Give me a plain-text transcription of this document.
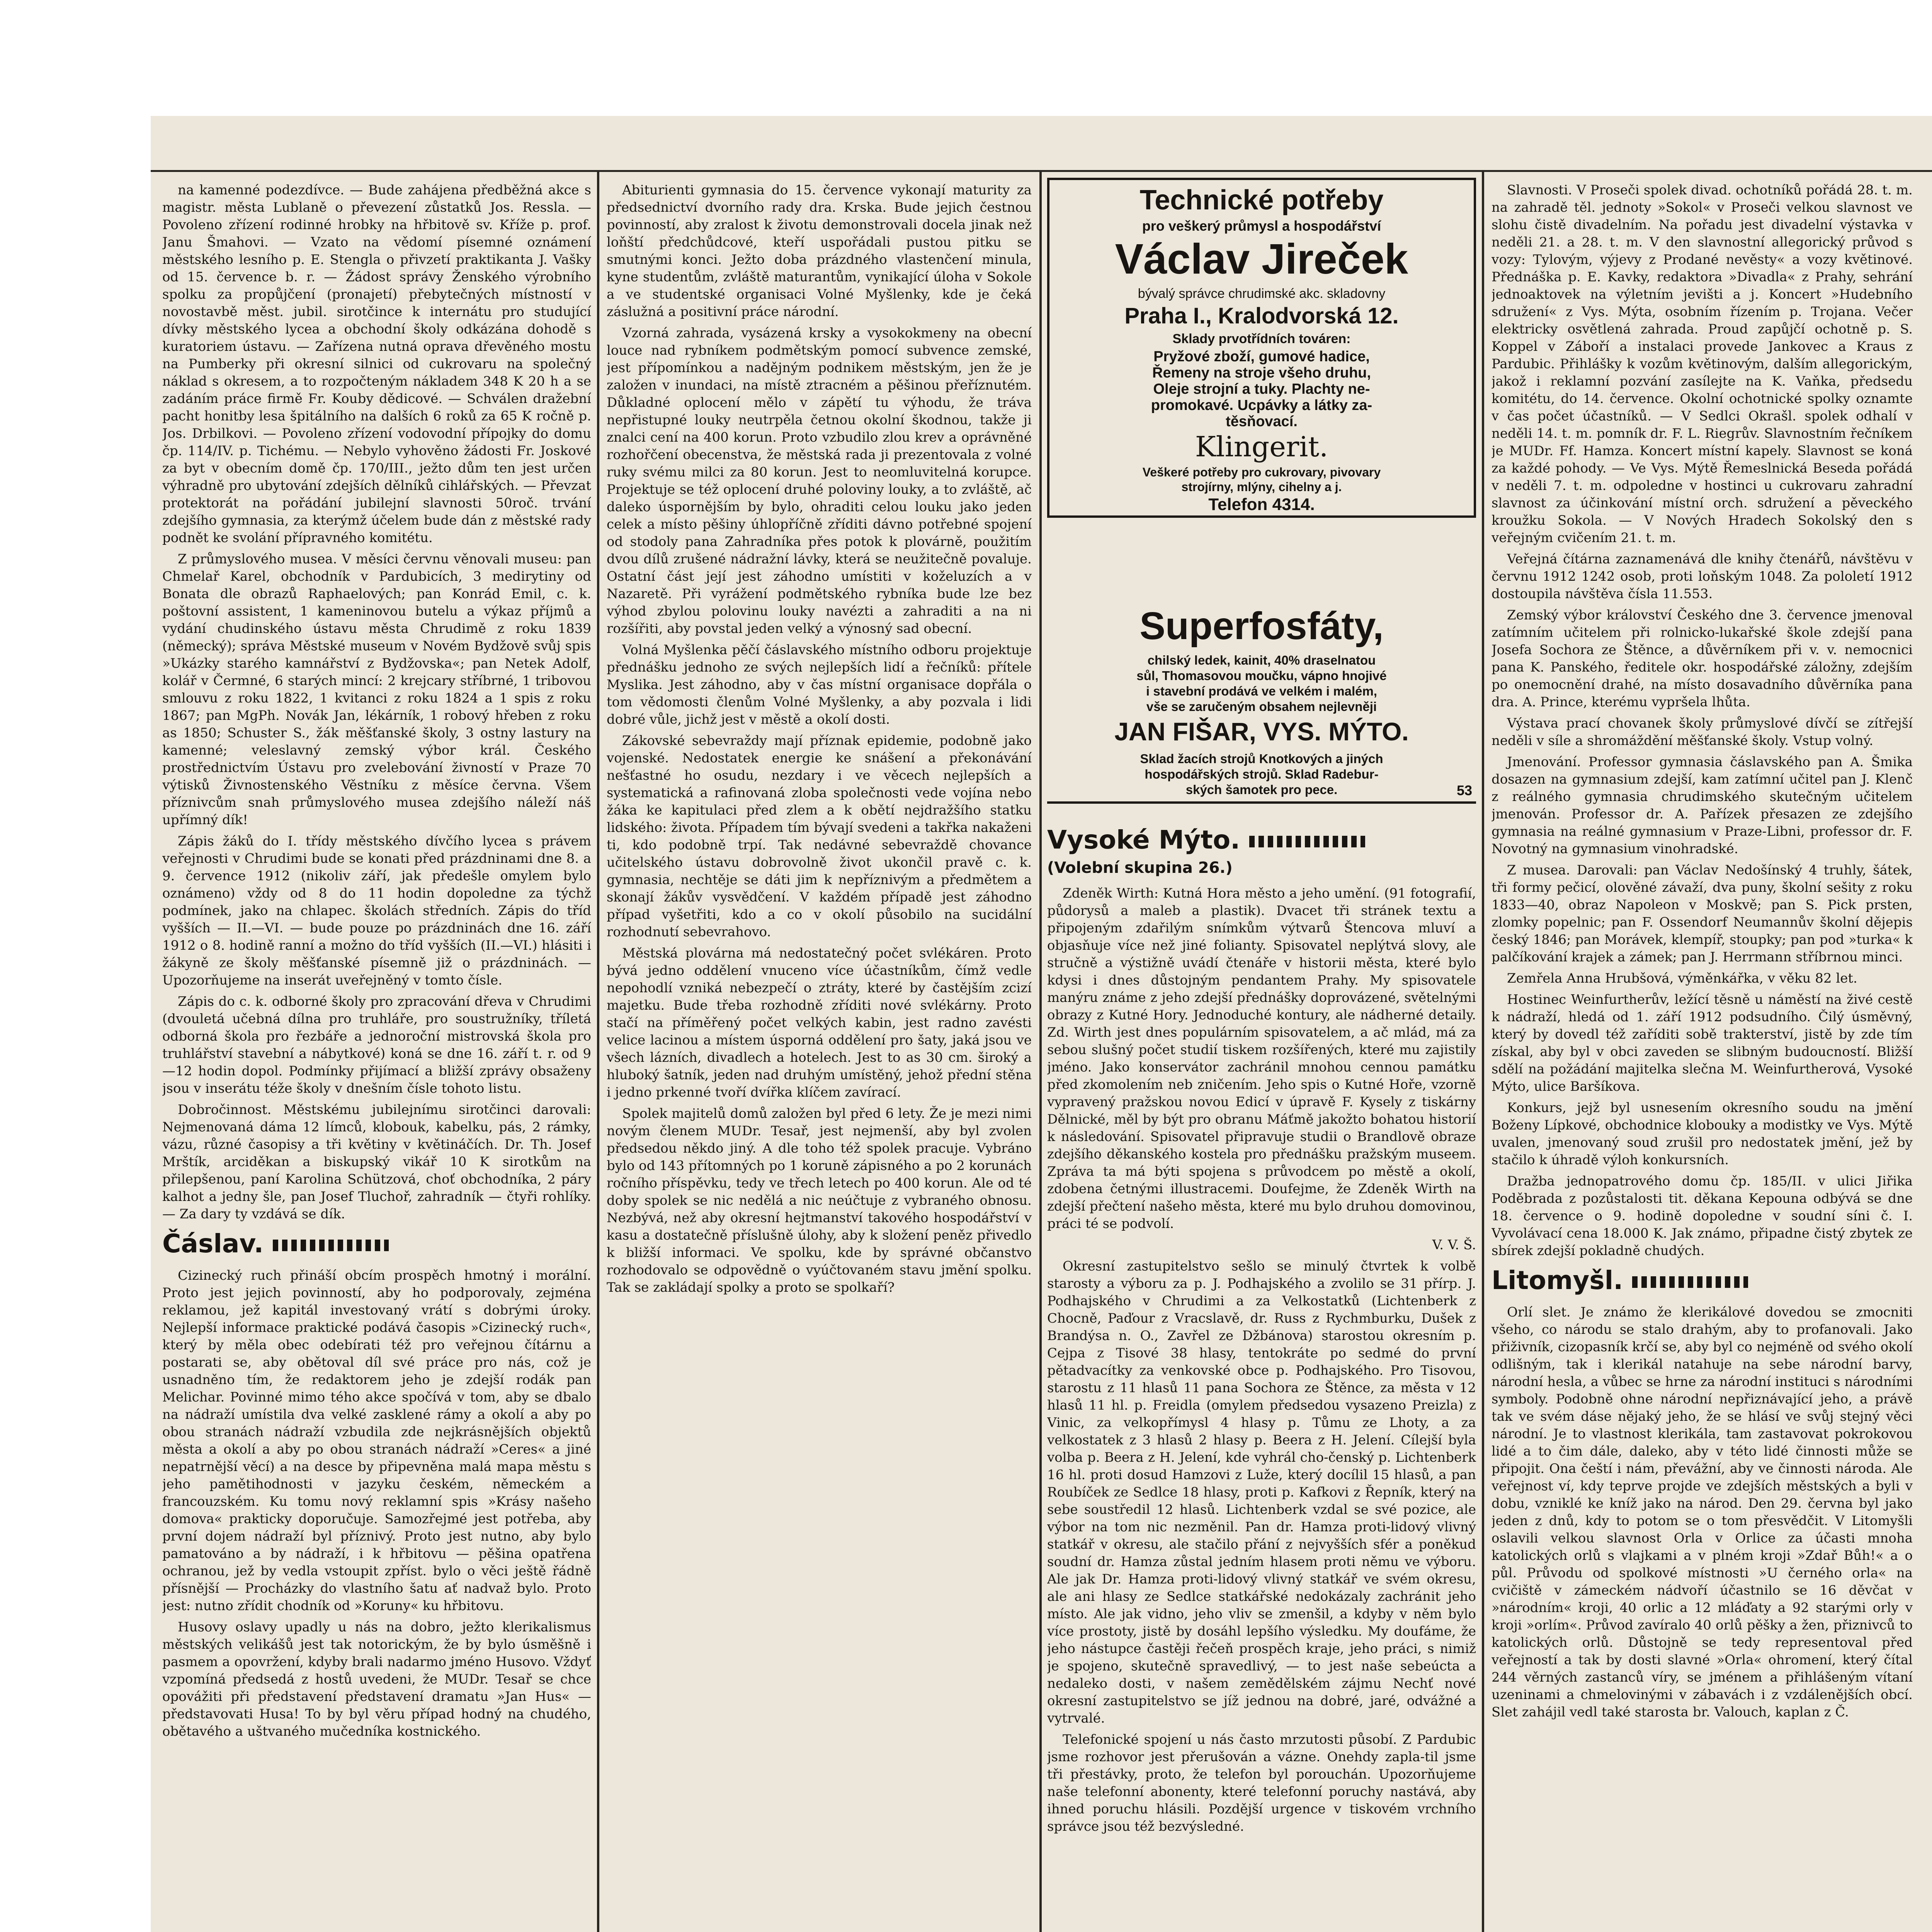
na kamenné podezdívce. — Bude zahájena předběžná akce s magistr. města Lublaně o převezení zůstatků Jos. Ressla. — Povoleno zřízení rodinné hrobky na hřbitově sv. Kříže p. prof. Janu Šmahovi. — Vzato na vědomí písemné oznámení městského lesního p. E. Stengla o přivzetí praktikanta J. Vašky od 15. července b. r. — Žádost správy Ženského výrobního spolku za propůjčení (pronajetí) přebytečných místností v novostavbě měst. jubil. sirotčince k internátu pro studující dívky městského lycea a obchodní školy odkázána dohodě s kuratoriem ústavu. — Zařízena nutná oprava dřevěného mostu na Pumberky při okresní silnici od cukrovaru na společný náklad s okresem, a to rozpočteným nákladem 348 K 20 h a se zadáním práce firmě Fr. Kouby dědicové. — Schválen dražební pacht honitby lesa špitálního na dalších 6 roků za 65 K ročně p. Jos. Drbilkovi. — Povoleno zřízení vodovodní přípojky do domu čp. 114/IV. p. Tichému. — Nebylo vyhověno žádosti Fr. Joskové za byt v obecním domě čp. 170/III., ježto dům ten jest určen výhradně pro ubytování zdejších dělníků cihlářských. — Převzat protektorát na pořádání jubilejní slavnosti 50roč. trvání zdejšího gymnasia, za kterýmž účelem bude dán z městské rady podnět ke svolání přípravného komitétu.

Z průmyslového musea. V měsíci červnu věnovali museu: pan Chmelař Karel, obchodník v Pardubicích, 3 medirytiny od Bonata dle obrazů Raphaelových; pan Konrád Emil, c. k. poštovní assistent, 1 kameninovou butelu a výkaz příjmů a vydání chudinského ústavu města Chrudimě z roku 1839 (německý); správa Městské museum v Novém Bydžově svůj spis »Ukázky starého kamnářství z Bydžovska«; pan Netek Adolf, kolář v Čermné, 6 starých mincí: 2 krejcary stříbrné, 1 tribovou smlouvu z roku 1822, 1 kvitanci z roku 1824 a 1 spis z roku 1867; pan MgPh. Novák Jan, lékárník, 1 robový hřeben z roku as 1850; Schuster S., žák měšťanské školy, 3 ostny lastury na kamenné; veleslavný zemský výbor král. Českého prostřednictvím Ústavu pro zvelebování živností v Praze 70 výtisků Živnostenského Věstníku z měsíce června. Všem příznivcům snah průmyslového musea zdejšího náleží náš upřímný dík!

Zápis žáků do I. třídy městského dívčího lycea s právem veřejnosti v Chrudimi bude se konati před prázdninami dne 8. a 9. července 1912 (nikoliv září, jak předešle omylem bylo oznámeno) vždy od 8 do 11 hodin dopoledne za týchž podmínek, jako na chlapec. školách středních. Zápis do tříd vyšších — II.—VI. — bude pouze po prázdninách dne 16. září 1912 o 8. hodině ranní a možno do tříd vyšších (II.—VI.) hlásiti i žákyně ze školy měšťanské písemně již o prázdninách. — Upozorňujeme na inserát uveřejněný v tomto čísle.

Zápis do c. k. odborné školy pro zpracování dřeva v Chrudimi (dvouletá učebná dílna pro truhláře, pro soustružníky, tříletá odborná škola pro řezbáře a jednoroční mistrovská škola pro truhlářství stavební a nábytkové) koná se dne 16. září t. r. od 9—12 hodin dopol. Podmínky přijímací a bližší zprávy obsaženy jsou v inserátu téže školy v dnešním čísle tohoto listu.

Dobročinnost. Městskému jubilejnímu sirotčinci darovali: Nejmenovaná dáma 12 límců, klobouk, kabelku, pás, 2 rámky, vázu, různé časopisy a tři květiny v květináčích. Dr. Th. Josef Mrštík, arciděkan a biskupský vikář 10 K sirotkům na přilepšenou, paní Karolina Schützová, choť obchodníka, 2 páry kalhot a jedny šle, pan Josef Tluchoř, zahradník — čtyři rohlíky. — Za dary ty vzdává se dík.

Čáslav.

Cizinecký ruch přináší obcím prospěch hmotný i morální. Proto jest jejich povinností, aby ho podporovaly, zejména reklamou, jež kapitál investovaný vrátí s dobrými úroky. Nejlepší informace praktické podává časopis »Cizinecký ruch«, který by měla obec odebírati též pro veřejnou čítárnu a postarati se, aby obětoval díl své práce pro nás, což je usnadněno tím, že redaktorem jeho je zdejší rodák pan Melichar. Povinné mimo tého akce spočívá v tom, aby se dbalo na nádraží umístila dva velké zasklené rámy a okolí a aby po obou stranách nádraží vzbudila zde nejkrásnějších objektů města a okolí a aby po obou stranách nádraží »Ceres« a jiné nepatrnější věcí) a na desce by připevněna malá mapa městu s jeho pamětihodnosti v jazyku českém, německém a francouzském. Ku tomu nový reklamní spis »Krásy našeho domova« prakticky doporučuje. Samozřejmé jest potřeba, aby první dojem nádraží byl příznivý. Proto jest nutno, aby bylo pamatováno a by nádraží, i k hřbitovu — pěšina opatřena ochranou, jež by vedla vstoupit zpříst. bylo o věci ještě řádně přísnější — Procházky do vlastního šatu ať nadvaž bylo. Proto jest: nutno zřídit chodník od »Koruny« ku hřbitovu.

Husovy oslavy upadly u nás na dobro, ježto klerikalismus městských velikášů jest tak notorickým, že by bylo úsměšně i pasmem a opovržení, kdyby brali nadarmo jméno Husovo. Vždyť vzpomíná předsedá z hostů uvedeni, že MUDr. Tesař se chce opovážiti při představení představení dramatu »Jan Hus« — představovati Husa! To by byl věru případ hodný na chudého, obětavého a uštvaného mučedníka kostnického.

Abiturienti gymnasia do 15. července vykonají maturity za předsednictví dvorního rady dra. Krska. Bude jejich čestnou povinností, aby zralost k životu demonstrovali docela jinak než loňští předchůdcové, kteří uspořádali pustou pitku se smutnými konci. Ježto doba prázdného vlastenčení minula, kyne studentům, zvláště maturantům, vynikající úloha v Sokole a ve studentské organisaci Volné Myšlenky, kde je čeká záslužná a positivní práce národní.

Vzorná zahrada, vysázená krsky a vysokokmeny na obecní louce nad rybníkem podmětským pomocí subvence zemské, jest přípomínkou a nadějným podnikem městským, jen že je založen v inundaci, na místě ztracném a pěšinou přeříznutém. Důkladné oplocení mělo v zápětí tu výhodu, že tráva nepřistupné louky neutrpěla četnou okolní škodnou, takže ji znalci cení na 400 korun. Proto vzbudilo zlou krev a oprávněné rozhořčení obecenstva, že městská rada ji prezentovala z volné ruky svému milci za 80 korun. Jest to neomluvitelná korupce. Projektuje se též oplocení druhé poloviny louky, a to zvláště, ač daleko úspornějším by bylo, ohraditi celou louku jako jeden celek a místo pěšiny úhlopříčně zříditi dávno potřebné spojení od stodoly pana Zahradníka přes potok k plovárně, použitím dvou dílů zrušené nádražní lávky, která se neužitečně povaluje. Ostatní část její jest záhodno umístiti v koželuzích a v Nazaretě. Při vyrážení podmětského rybníka bude lze bez výhod zbylou polovinu louky navézti a zahraditi a na ni rozšířiti, aby povstal jeden velký a výnosný sad obecní.

Volná Myšlenka pěčí čáslavského místního odboru projektuje přednášku jednoho ze svých nejlepších lidí a řečníků: přítele Myslika. Jest záhodno, aby v čas místní organisace dopřála o tom vědomosti členům Volné Myšlenky, a aby pozvala i lidi dobré vůle, jichž jest v městě a okolí dosti.

Zákovské sebevraždy mají příznak epidemie, podobně jako vojenské. Nedostatek energie ke snášení a překonávání nešťastné ho osudu, nezdary i ve věcech nejlepších a systematická a rafinovaná zloba společnosti vede vojína nebo žáka ke kapitulaci před zlem a k obětí nejdražšího statku lidského: života. Případem tím bývají svedeni a takřka nakaženi ti, kdo podobně trpí. Tak nedávné sebevraždě chovance učitelského ústavu dobrovolně život ukončil pravě c. k. gymnasia, nechtěje se dáti jim k nepříznivým a předmětem a skonají žákův vysvědčení. V každém případě jest záhodno případ vyšetřiti, kdo a co v okolí působilo na sucidální rozhodnutí sebevrahovo.

Městská plovárna má nedostatečný počet svlékáren. Proto bývá jedno oddělení vnuceno více účastníkům, čímž vedle nepohodlí vzniká nebezpečí o ztráty, které by častějším zcizí majetku. Bude třeba rozhodně zříditi nové svlékárny. Proto stačí na příměřený počet velkých kabin, jest radno zavésti velice lacinou a místem úsporná oddělení pro šaty, jaká jsou ve všech lázních, divadlech a hotelech. Jest to as 30 cm. široký a hluboký šatník, jeden nad druhým umístěný, jehož přední stěna i jedno prkenné tvoří dvířka klíčem zavírací.

Spolek majitelů domů založen byl před 6 lety. Že je mezi nimi novým členem MUDr. Tesař, jest nejmenší, aby byl zvolen předsedou někdo jiný. A dle toho též spolek pracuje. Vybráno bylo od 143 přítomných po 1 koruně zápisného a po 2 korunách ročního příspěvku, tedy ve třech letech po 400 korun. Ale od té doby spolek se nic nedělá a nic neúčtuje z vybraného obnosu. Nezbývá, než aby okresní hejtmanství takového hospodářství v kasu a dostatečně příslušně úlohy, aby k složení peněz přivedlo k bližší informaci. Ve spolku, kde by správné občanstvo rozhodovalo se odpovědně o vyúčtovaném stavu jmění spolku. Tak se zakládají spolky a proto se spolkaří?

Technické potřeby
pro veškerý průmysl a hospodářství
Václav Jireček
bývalý správce chrudimské akc. skladovny
Praha I., Kralodvorská 12.
Sklady prvotřídních továren:
Pryžové zboží, gumové hadice,
Řemeny na stroje všeho druhu,
Oleje strojní a tuky. Plachty ne-
promokavé. Ucpávky a látky za-
těsňovací.
Klingerit.
Veškeré potřeby pro cukrovary, pivovary
strojírny, mlýny, cihelny a j.
Telefon 4314.
Superfosfáty,
chilský ledek, kainit, 40% draselnatou
sůl, Thomasovou moučku, vápno hnojivé
i stavební prodává ve velkém i malém,
vše se zaručeným obsahem nejlevněji
JAN FIŠAR, VYS. MÝTO.
Sklad žacích strojů Knotkových a jiných
hospodářských strojů. Sklad Radebur-
ských šamotek pro pece.	53
Vysoké Mýto.
(Volební skupina 26.)

Zdeněk Wirth: Kutná Hora město a jeho umění. (91 fotografií, půdorysů a maleb a plastik). Dvacet tři stránek textu a připojeným zdařilým snímkům výtvarů Štencova mluví a objasňuje více než jiné folianty. Spisovatel neplýtvá slovy, ale stručně a výstižně uvádí čtenáře v historii města, které bylo kdysi i dnes důstojným pendantem Prahy. My spisovatele manýru známe z jeho zdejší přednášky doprovázené, světelnými obrazy z Kutné Hory. Jednoduché kontury, ale nádherné detaily. Zd. Wirth jest dnes populárním spisovatelem, a ač mlád, má za sebou slušný počet studií tiskem rozšířených, které mu zajistily jméno. Jako konservátor zachránil mnohou cennou památku před zkomolením neb zničením. Jeho spis o Kutné Hoře, vzorně vypravený pražskou novou Edicí v úpravě F. Kysely z tiskárny Dělnické, měl by být pro obranu Máťmě jakožto bohatou historií k následování. Spisovatel připravuje studii o Brandlově obraze zdejšího děkanského kostela pro přednášku pražským museem. Zpráva ta má býti spojena s průvodcem po městě a okolí, zdobena četnými illustracemi. Doufejme, že Zdeněk Wirth na zdejší přečtení našeho města, které mu bylo druhou domovinou, práci té se podvolí.

V. V. Š.

Okresní zastupitelstvo sešlo se minulý čtvrtek k volbě starosty a výboru za p. J. Podhajského a zvolilo se 31 přírp. J. Podhajského v Chrudimi a za Velkostatků (Lichtenberk z Chocně, Paďour z Vracslavě, dr. Russ z Rychmburku, Dušek z Brandýsa n. O., Zavřel ze Džbánova) starostou okresním p. Cejpa z Tisové 38 hlasy, tentokráte po sedmé do první pětadvacítky za venkovské obce p. Podhajského. Pro Tisovou, starostu z 11 hlasů 11 pana Sochora ze Štěnce, za města v 12 hlasů 11 hl. p. Freidla (omylem předsedou vysazeno Preizla) z Vinic, za velkopřímysl 4 hlasy p. Tůmu ze Lhoty, a za velkostatek z 3 hlasů 2 hlasy p. Beera z H. Jelení. Cílejší byla volba p. Beera z H. Jelení, kde vyhrál cho-čenský p. Lichtenberk 16 hl. proti dosud Hamzovi z Luže, který docílil 15 hlasů, a pan Roubíček ze Sedlce 18 hlasy, proti p. Kafkovi z Řepník, který na sebe soustředil 12 hlasů. Lichtenberk vzdal se své pozice, ale výbor na tom nic nezměnil. Pan dr. Hamza proti-lidový vlivný statkář v okresu, ale stačilo přání z nejvyšších sfér a poněkud soudní dr. Hamza zůstal jedním hlasem proti němu ve výboru. Ale jak Dr. Hamza proti-lidový vlivný statkář ve svém okresu, ale ani hlasy ze Sedlce statkářské nedokázaly zachránit jeho místo. Ale jak vidno, jeho vliv se zmenšil, a kdyby v něm bylo více prostoty, jistě by dosáhl lepšího výsledku. My doufáme, že jeho nástupce častěji řečeň prospěch kraje, jeho práci, s nimiž je spojeno, skutečně spravedlivý, — to jest naše sebeúcta a nedaleko dosti, v našem zemědělském zájmu Nechť nové okresní zastupitelstvo se jíž jednou na dobré, jaré, odvážné a vytrvalé.

Telefonické spojení u nás často mrzutosti působí. Z Pardubic jsme rozhovor jest přerušován a vázne. Onehdy zapla-til jsme tři přestávky, proto, že telefon byl porouchán. Upozorňujeme naše telefonní abonenty, které telefonní poruchy nastává, aby ihned poruchu hlásili. Pozdější urgence v tiskovém vrchního správce jsou též bezvýsledné.

Slavnosti. V Proseči spolek divad. ochotníků pořádá 28. t. m. na zahradě těl. jednoty »Sokol« v Proseči velkou slavnost ve slohu čistě divadelním. Na pořadu jest divadelní výstavka v neděli 21. a 28. t. m. V den slavnostní allegorický průvod s vozy: Tylovým, výjevy z Prodané nevěsty« a vozy květinové. Přednáška p. E. Kavky, redaktora »Divadla« z Prahy, sehrání jednoaktovek na výletním jevišti a j. Koncert »Hudebního sdružení« z Vys. Mýta, osobním řízením p. Trojana. Večer elektricky osvětlená zahrada. Proud zapůjčí ochotně p. S. Koppel v Záboří a instalaci provede Jankovec a Kraus z Pardubic. Přihlášky k vozům květinovým, dalším allegorickým, jakož i reklamní pozvání zasílejte na K. Vaňka, předsedu komitétu, do 14. července. Okolní ochotnické spolky oznamte v čas počet účastníků. — V Sedlci Okrašl. spolek odhalí v neděli 14. t. m. pomník dr. F. L. Riegrův. Slavnostním řečníkem je MUDr. Ff. Hamza. Koncert místní kapely. Slavnost se koná za každé pohody. — Ve Vys. Mýtě Řemeslnická Beseda pořádá v neděli 7. t. m. odpoledne v hostinci u cukrovaru zahradní slavnost za účinkování místní orch. sdružení a pěveckého kroužku Sokola. — V Nových Hradech Sokolský den s veřejným cvičením 21. t. m.

Veřejná čítárna zaznamenává dle knihy čtenářů, návštěvu v červnu 1912 1242 osob, proti loňským 1048. Za pololetí 1912 dostoupila návštěva čísla 11.553.

Zemský výbor království Českého dne 3. července jmenoval zatímním učitelem při rolnicko-lukařské škole zdejší pana Josefa Sochora ze Štěnce, a důvěrníkem při v. v. nemocnici pana K. Panského, ředitele okr. hospodářské záložny, zdejším po onemocnění drahé, na místo dosavadního důvěrníka pana dra. A. Prince, kterému vypršela lhůta.

Výstava prací chovanek školy průmyslové dívčí se zítřejší neděli v síle a shromáždění měšťanské školy. Vstup volný.

Jmenování. Professor gymnasia čáslavského pan A. Šmika dosazen na gymnasium zdejší, kam zatímní učitel pan J. Klenč z reálného gymnasia chrudimského skutečným učitelem jmenován. Professor dr. A. Pařízek přesazen ze zdejšího gymnasia na reálné gymnasium v Praze-Libni, professor dr. F. Novotný na gymnasium vinohradské.

Z musea. Darovali: pan Václav Nedošínský 4 truhly, šátek, tři formy pečicí, olověné závaží, dva puny, školní sešity z roku 1833—40, obraz Napoleon v Moskvě; pan S. Pick prsten, zlomky popelnic; pan F. Ossendorf Neumannův školní dějepis český 1846; pan Morávek, klempíř, stoupky; pan pod »turka« k palčíkování krajek a zámek; pan J. Herrmann stříbrnou minci.

Zemřela Anna Hrubšová, výměnkářka, v věku 82 let.

Hostinec Weinfurtherův, ležící těsně u náměstí na živé cestě k nádraží, hledá od 1. září 1912 podsudního. Čilý úsměvný, který by dovedl též zaříditi sobě trakterství, jistě by zde tím získal, aby byl v obci zaveden se slibným budoucností. Bližší sdělí na požádání majitelka slečna M. Weinfurtherová, Vysoké Mýto, ulice Baršíkova.

Konkurs, jejž byl usnesením okresního soudu na jmění Boženy Lípkové, obchodnice klobouky a modistky ve Vys. Mýtě uvalen, jmenovaný soud zrušil pro nedostatek jmění, jež by stačilo k úhradě výloh konkursních.

Dražba jednopatrového domu čp. 185/II. v ulici Jiřika Poděbrada z pozůstalosti tit. děkana Kepouna odbývá se dne 18. července o 9. hodině dopoledne v soudní síni č. I. Vyvolávací cena 18.000 K. Jak známo, připadne čistý zbytek ze sbírek zdejší pokladně chudých.

Litomyšl.

Orlí slet. Je známo že klerikálové dovedou se zmocniti všeho, co národu se stalo drahým, aby to profanovali. Jako přiživník, cizopasník krčí se, aby byl co nejméně od svého okolí odlišným, tak i klerikál natahuje na sebe národní barvy, národní hesla, a vůbec se hrne za národní instituci s národními symboly. Podobně ohne národní nepřiznávající jeho, a právě tak ve svém dáse nějaký jeho, že se hlásí ve svůj stejný věci národní. Je to vlastnost klerikála, tam zastavovat pokrokovou lidé a to čim dále, daleko, aby v této lidé činnosti může se připojit. Ona čeští i nám, převážní, aby ve činnosti národa. Ale veřejnost ví, kdy teprve projde ve zdejších městských a byli v dobu, vzniklé ke kníž jako na národ. Den 29. června byl jako jeden z dnů, kdy to potom se o tom přesvědčit. V Litomyšli oslavili velkou slavnost Orla v Orlice za účasti mnoha katolických orlů s vlajkami a v plném kroji »Zdař Bůh!« a o půl. Průvodu od spolkové místnosti »U černého orla« na cvičiště v zámeckém nádvoří účastnilo se 16 děvčat v »národním« kroji, 40 orlic a 12 mláďaty a 92 starými orly v kroji »orlím«. Průvod zavíralo 40 orlů pěšky a žen, přiznivců to katolických orlů. Důstojně se tedy representoval před veřejností a tak by dosti slavné »Orla« ohromení, který čítal 244 věrných zastanců víry, se jménem a přihlášeným vítaní uzeninami a chmelovinými v zábavách i z vzdálenějších obcí. Slet zahájil vedl také starosta br. Valouch, kaplan z Č.
